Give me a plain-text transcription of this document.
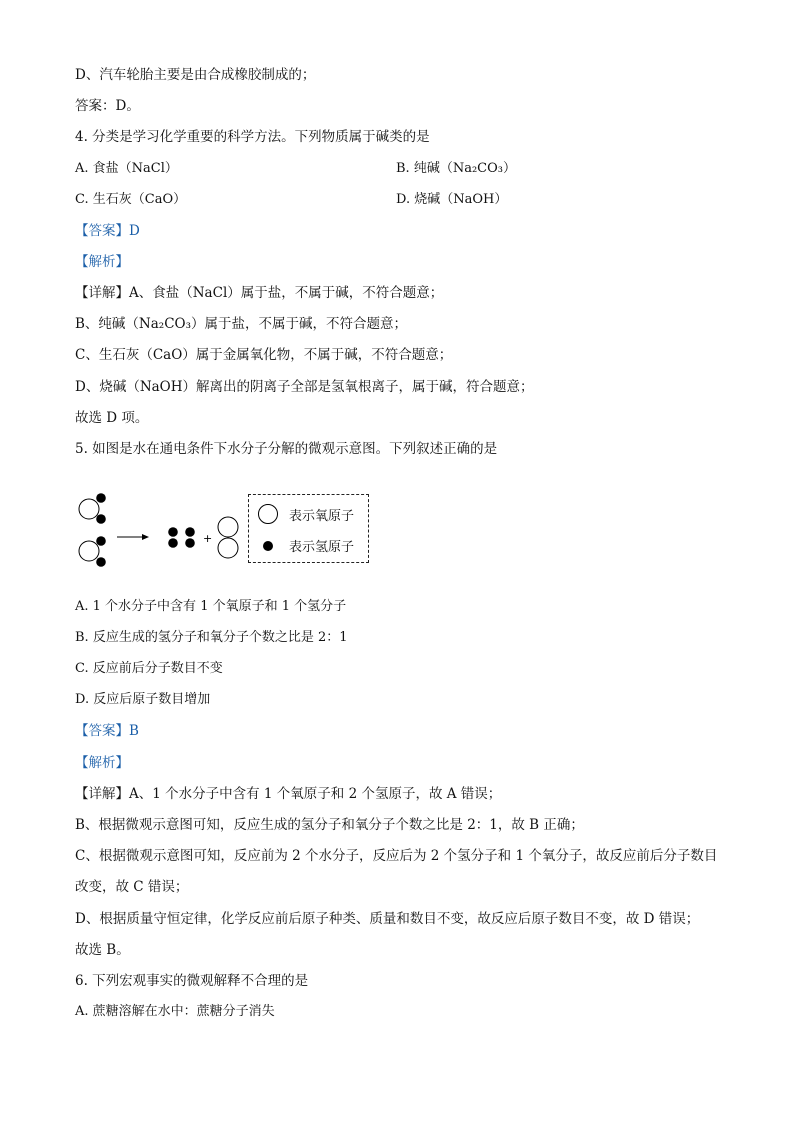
D、汽车轮胎主要是由合成橡胶制成的；
答案：D。
4. 分类是学习化学重要的科学方法。下列物质属于碱类的是
A. 食盐（NaCl）	B. 纯碱（Na₂CO₃）
C. 生石灰（CaO）	D. 烧碱（NaOH）
【答案】D
【解析】
【详解】A、食盐（NaCl）属于盐，不属于碱，不符合题意；
B、纯碱（Na₂CO₃）属于盐，不属于碱，不符合题意；
C、生石灰（CaO）属于金属氧化物，不属于碱，不符合题意；
D、烧碱（NaOH）解离出的阴离子全部是氢氧根离子，属于碱，符合题意；
故选 D 项。
5. 如图是水在通电条件下水分子分解的微观示意图。下列叙述正确的是
+
表示氧原子
表示氢原子
A. 1 个水分子中含有 1 个氧原子和 1 个氢分子
B. 反应生成的氢分子和氧分子个数之比是 2：1
C. 反应前后分子数目不变
D. 反应后原子数目增加
【答案】B
【解析】
【详解】A、1 个水分子中含有 1 个氧原子和 2 个氢原子，故 A 错误；
B、根据微观示意图可知，反应生成的氢分子和氧分子个数之比是 2：1，故 B 正确；
C、根据微观示意图可知，反应前为 2 个水分子，反应后为 2 个氢分子和 1 个氧分子，故反应前后分子数目
改变，故 C 错误；
D、根据质量守恒定律，化学反应前后原子种类、质量和数目不变，故反应后原子数目不变，故 D 错误；
故选 B。
6. 下列宏观事实的微观解释不合理的是
A. 蔗糖溶解在水中：蔗糖分子消失
